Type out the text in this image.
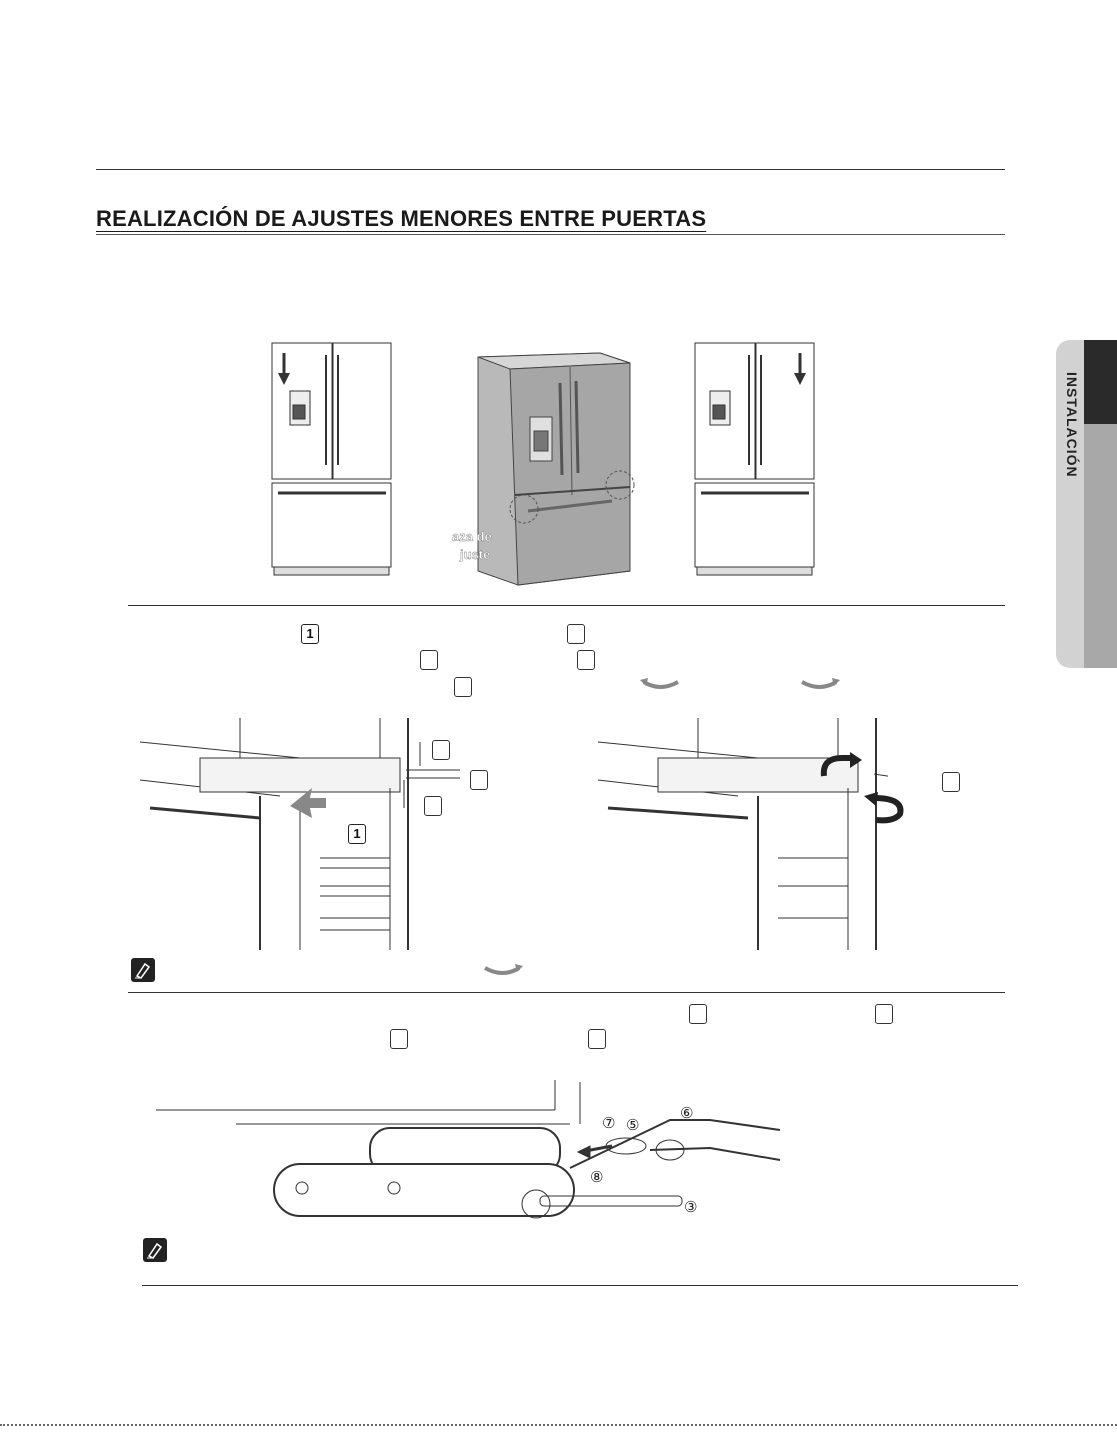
REALIZACIÓN DE AJUSTES MENORES ENTRE PUERTAS
INSTALACIÓN
aza de
juste
1
1
⑦ ⑤
⑥
⑧
③
